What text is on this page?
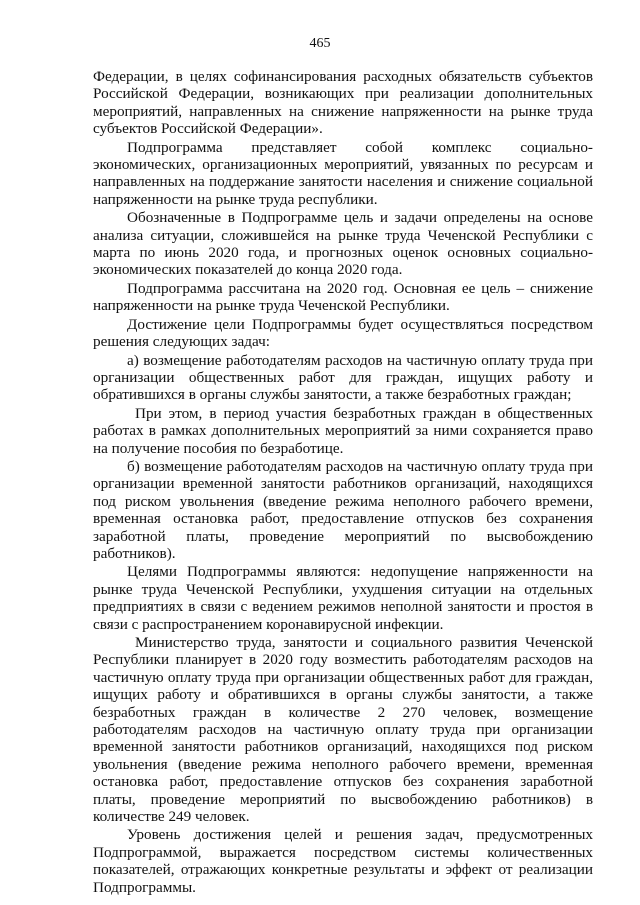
465

Федерации, в целях софинансирования расходных обязательств субъектов Российской Федерации, возникающих при реализации дополнительных мероприятий, направленных на снижение напряженности на рынке труда субъектов Российской Федерации».

Подпрограмма представляет собой комплекс социально-экономических, организационных мероприятий, увязанных по ресурсам и направленных на поддержание занятости населения и снижение социальной напряженности на рынке труда республики.

Обозначенные в Подпрограмме цель и задачи определены на основе анализа ситуации, сложившейся на рынке труда Чеченской Республики с марта по июнь 2020 года, и прогнозных оценок основных социально-экономических показателей до конца 2020 года.

Подпрограмма рассчитана на 2020 год. Основная ее цель – снижение напряженности на рынке труда Чеченской Республики.

Достижение цели Подпрограммы будет осуществляться посредством решения следующих задач:

а) возмещение работодателям расходов на частичную оплату труда при организации общественных работ для граждан, ищущих работу и обратившихся в органы службы занятости, а также безработных граждан;

При этом, в период участия безработных граждан в общественных работах в рамках дополнительных мероприятий за ними сохраняется право на получение пособия по безработице.

б) возмещение работодателям расходов на частичную оплату труда при организации временной занятости работников организаций, находящихся под риском увольнения (введение режима неполного рабочего времени, временная остановка работ, предоставление отпусков без сохранения заработной платы, проведение мероприятий по высвобождению работников).

Целями Подпрограммы являются: недопущение напряженности на рынке труда Чеченской Республики, ухудшения ситуации на отдельных предприятиях в связи с ведением режимов неполной занятости и простоя в связи с распространением коронавирусной инфекции.

Министерство труда, занятости и социального развития Чеченской Республики планирует в 2020 году возместить работодателям расходов на частичную оплату труда при организации общественных работ для граждан, ищущих работу и обратившихся в органы службы занятости, а также безработных граждан в количестве 2 270 человек, возмещение работодателям расходов на частичную оплату труда при организации временной занятости работников организаций, находящихся под риском увольнения (введение режима неполного рабочего времени, временная остановка работ, предоставление отпусков без сохранения заработной платы, проведение мероприятий по высвобождению работников) в количестве 249 человек.

Уровень достижения целей и решения задач, предусмотренных Подпрограммой, выражается посредством системы количественных показателей, отражающих конкретные результаты и эффект от реализации Подпрограммы.
